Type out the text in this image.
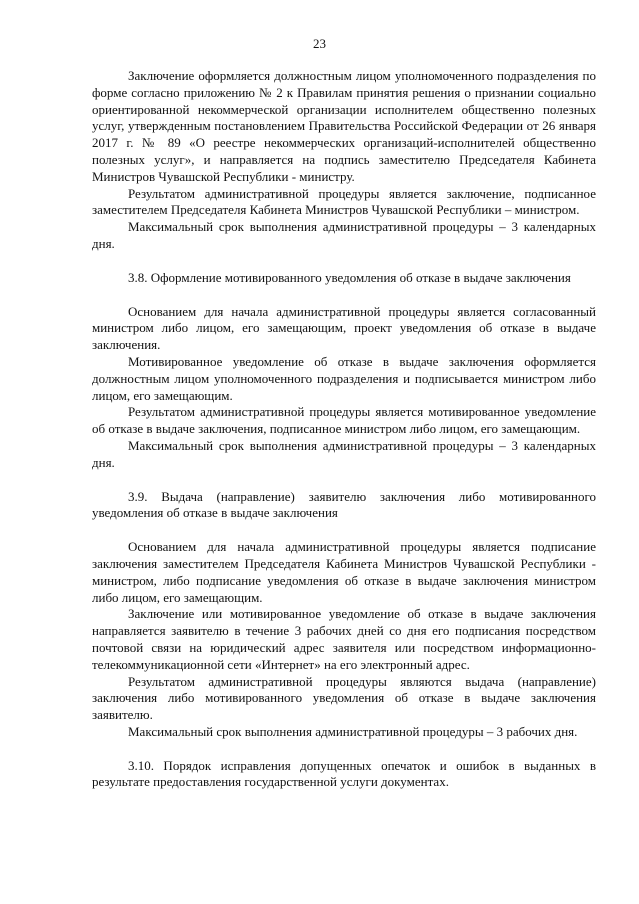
23

Заключение оформляется должностным лицом уполномоченного подразделения по форме согласно приложению № 2 к Правилам принятия решения о признании социально ориентированной некоммерческой организации исполнителем общественно полезных услуг, утвержденным постановлением Правительства Российской Федерации от 26 января 2017 г. № 89 «О реестре некоммерческих организаций-исполнителей общественно полезных услуг», и направляется на подпись заместителю Председателя Кабинета Министров Чувашской Республики - министру.

Результатом административной процедуры является заключение, подписанное заместителем Председателя Кабинета Министров Чувашской Республики – министром.

Максимальный срок выполнения административной процедуры – 3 календарных дня.

3.8. Оформление мотивированного уведомления об отказе в выдаче заключения

Основанием для начала административной процедуры является согласованный министром либо лицом, его замещающим, проект уведомления об отказе в выдаче заключения.

Мотивированное уведомление об отказе в выдаче заключения оформляется должностным лицом уполномоченного подразделения и подписывается министром либо лицом, его замещающим.

Результатом административной процедуры является мотивированное уведомление об отказе в выдаче заключения, подписанное министром либо лицом, его замещающим.

Максимальный срок выполнения административной процедуры – 3 календарных дня.

3.9. Выдача (направление) заявителю заключения либо мотивированного уведомления об отказе в выдаче заключения

Основанием для начала административной процедуры является подписание заключения заместителем Председателя Кабинета Министров Чувашской Республики - министром, либо подписание уведомления об отказе в выдаче заключения министром либо лицом, его замещающим.

Заключение или мотивированное уведомление об отказе в выдаче заключения направляется заявителю в течение 3 рабочих дней со дня его подписания посредством почтовой связи на юридический адрес заявителя или посредством информационно-телекоммуникационной сети «Интернет» на его электронный адрес.

Результатом административной процедуры являются выдача (направление) заключения либо мотивированного уведомления об отказе в выдаче заключения заявителю.

Максимальный срок выполнения административной процедуры – 3 рабочих дня.

3.10. Порядок исправления допущенных опечаток и ошибок в выданных в результате предоставления государственной услуги документах.
